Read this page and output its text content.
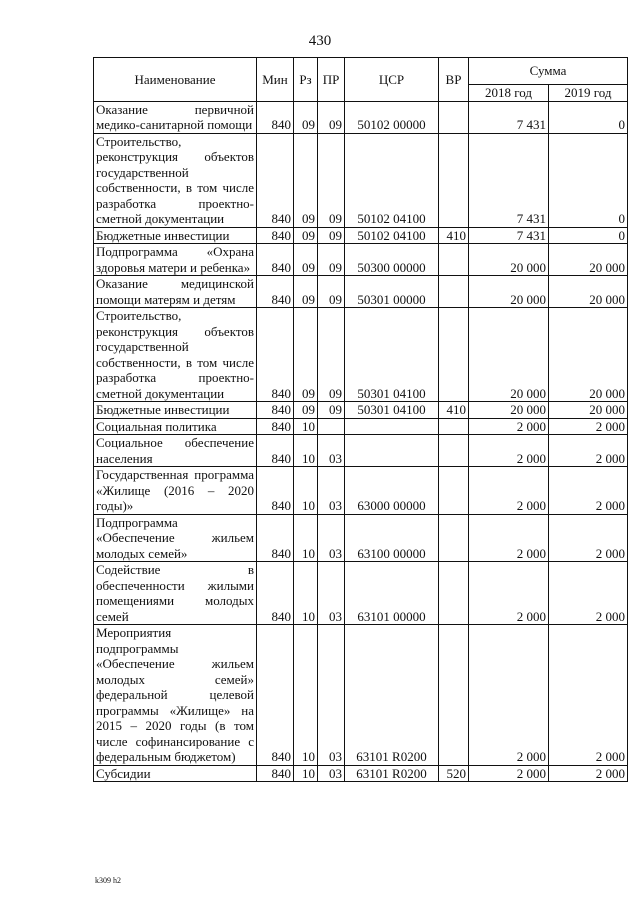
430
Наименование	Мин	Рз	ПР	ЦСР	ВР	Сумма	
						2018 год	2019 год
Оказание первичной медико-санитарной помощи	840	09	09	50102 00000		7 431	0
Строительство, реконструкция объектов государственной собственности, в том числе разработка проектно-сметной документации	840	09	09	50102 04100		7 431	0
Бюджетные инвестиции	840	09	09	50102 04100	410	7 431	0
Подпрограмма «Охрана здоровья матери и ребенка»	840	09	09	50300 00000		20 000	20 000
Оказание медицинской помощи матерям и детям	840	09	09	50301 00000		20 000	20 000
Строительство, реконструкция объектов государственной собственности, в том числе разработка проектно-сметной документации	840	09	09	50301 04100		20 000	20 000
Бюджетные инвестиции	840	09	09	50301 04100	410	20 000	20 000
Социальная политика	840	10				2 000	2 000
Социальное обеспечение населения	840	10	03			2 000	2 000
Государственная программа «Жилище (2016 – 2020 годы)»	840	10	03	63000 00000		2 000	2 000
Подпрограмма «Обеспечение жильем молодых семей»	840	10	03	63100 00000		2 000	2 000
Содействие в обеспеченности жилыми помещениями молодых семей	840	10	03	63101 00000		2 000	2 000
Мероприятия подпрограммы «Обеспечение жильем молодых семей» федеральной целевой программы «Жилище» на 2015 – 2020 годы (в том числе софинансирование с федеральным бюджетом)	840	10	03	63101 R0200		2 000	2 000
Субсидии	840	10	03	63101 R0200	520	2 000	2 000
k309 h2
